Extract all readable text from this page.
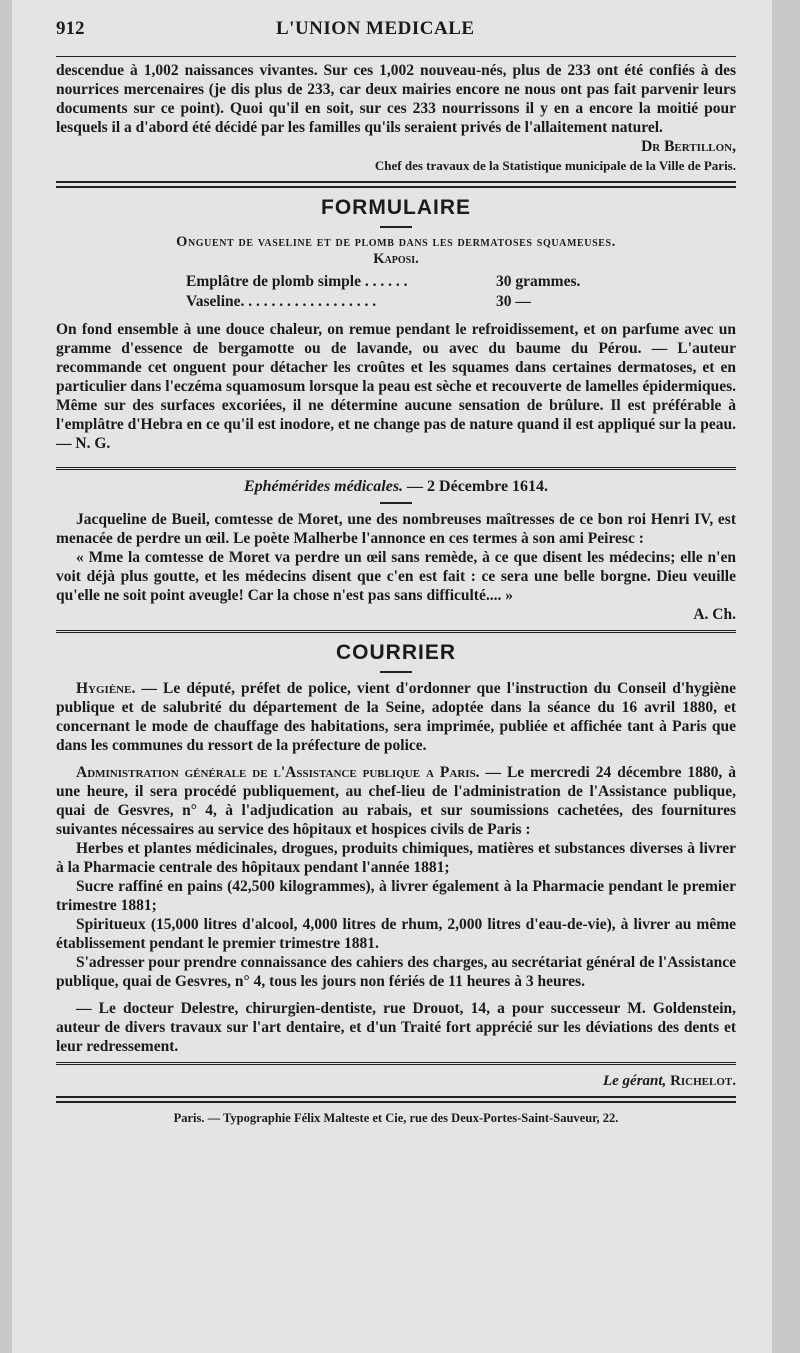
912	L'UNION MEDICALE

descendue à 1,002 naissances vivantes. Sur ces 1,002 nouveau-nés, plus de 233 ont été confiés à des nourrices mercenaires (je dis plus de 233, car deux mairies encore ne nous ont pas fait parvenir leurs documents sur ce point). Quoi qu'il en soit, sur ces 233 nourrissons il y en a encore la moitié pour lesquels il a d'abord été décidé par les familles qu'ils seraient privés de l'allaitement naturel.

Dr Bertillon,
Chef des travaux de la Statistique municipale de la Ville de Paris.
FORMULAIRE
Onguent de vaseline et de plomb dans les dermatoses squameuses.
Kaposi.
Emplâtre de plomb simple . . . . . .	30 grammes.
Vaseline. . . . . . . . . . . . . . . . . .	30 —

On fond ensemble à une douce chaleur, on remue pendant le refroidissement, et on parfume avec un gramme d'essence de bergamotte ou de lavande, ou avec du baume du Pérou. — L'auteur recommande cet onguent pour détacher les croûtes et les squames dans certaines dermatoses, et en particulier dans l'eczéma squamosum lorsque la peau est sèche et recouverte de lamelles épidermiques. Même sur des surfaces excoriées, il ne détermine aucune sensation de brûlure. Il est préférable à l'emplâtre d'Hebra en ce qu'il est inodore, et ne change pas de nature quand il est appliqué sur la peau. — N. G.

Ephémérides médicales. — 2 Décembre 1614.

Jacqueline de Bueil, comtesse de Moret, une des nombreuses maîtresses de ce bon roi Henri IV, est menacée de perdre un œil. Le poète Malherbe l'annonce en ces termes à son ami Peiresc :

« Mme la comtesse de Moret va perdre un œil sans remède, à ce que disent les médecins; elle n'en voit déjà plus goutte, et les médecins disent que c'en est fait : ce sera une belle borgne. Dieu veuille qu'elle ne soit point aveugle! Car la chose n'est pas sans difficulté.... »

A. Ch.
COURRIER

Hygiène. — Le député, préfet de police, vient d'ordonner que l'instruction du Conseil d'hygiène publique et de salubrité du département de la Seine, adoptée dans la séance du 16 avril 1880, et concernant le mode de chauffage des habitations, sera imprimée, publiée et affichée tant à Paris que dans les communes du ressort de la préfecture de police.

Administration générale de l'Assistance publique a Paris. — Le mercredi 24 décembre 1880, à une heure, il sera procédé publiquement, au chef-lieu de l'administration de l'Assistance publique, quai de Gesvres, n° 4, à l'adjudication au rabais, et sur soumissions cachetées, des fournitures suivantes nécessaires au service des hôpitaux et hospices civils de Paris :

Herbes et plantes médicinales, drogues, produits chimiques, matières et substances diverses à livrer à la Pharmacie centrale des hôpitaux pendant l'année 1881;

Sucre raffiné en pains (42,500 kilogrammes), à livrer également à la Pharmacie pendant le premier trimestre 1881;

Spiritueux (15,000 litres d'alcool, 4,000 litres de rhum, 2,000 litres d'eau-de-vie), à livrer au même établissement pendant le premier trimestre 1881.

S'adresser pour prendre connaissance des cahiers des charges, au secrétariat général de l'Assistance publique, quai de Gesvres, n° 4, tous les jours non fériés de 11 heures à 3 heures.

— Le docteur Delestre, chirurgien-dentiste, rue Drouot, 14, a pour successeur M. Goldenstein, auteur de divers travaux sur l'art dentaire, et d'un Traité fort apprécié sur les déviations des dents et leur redressement.

Le gérant, Richelot.
Paris. — Typographie Félix Malteste et Cie, rue des Deux-Portes-Saint-Sauveur, 22.
